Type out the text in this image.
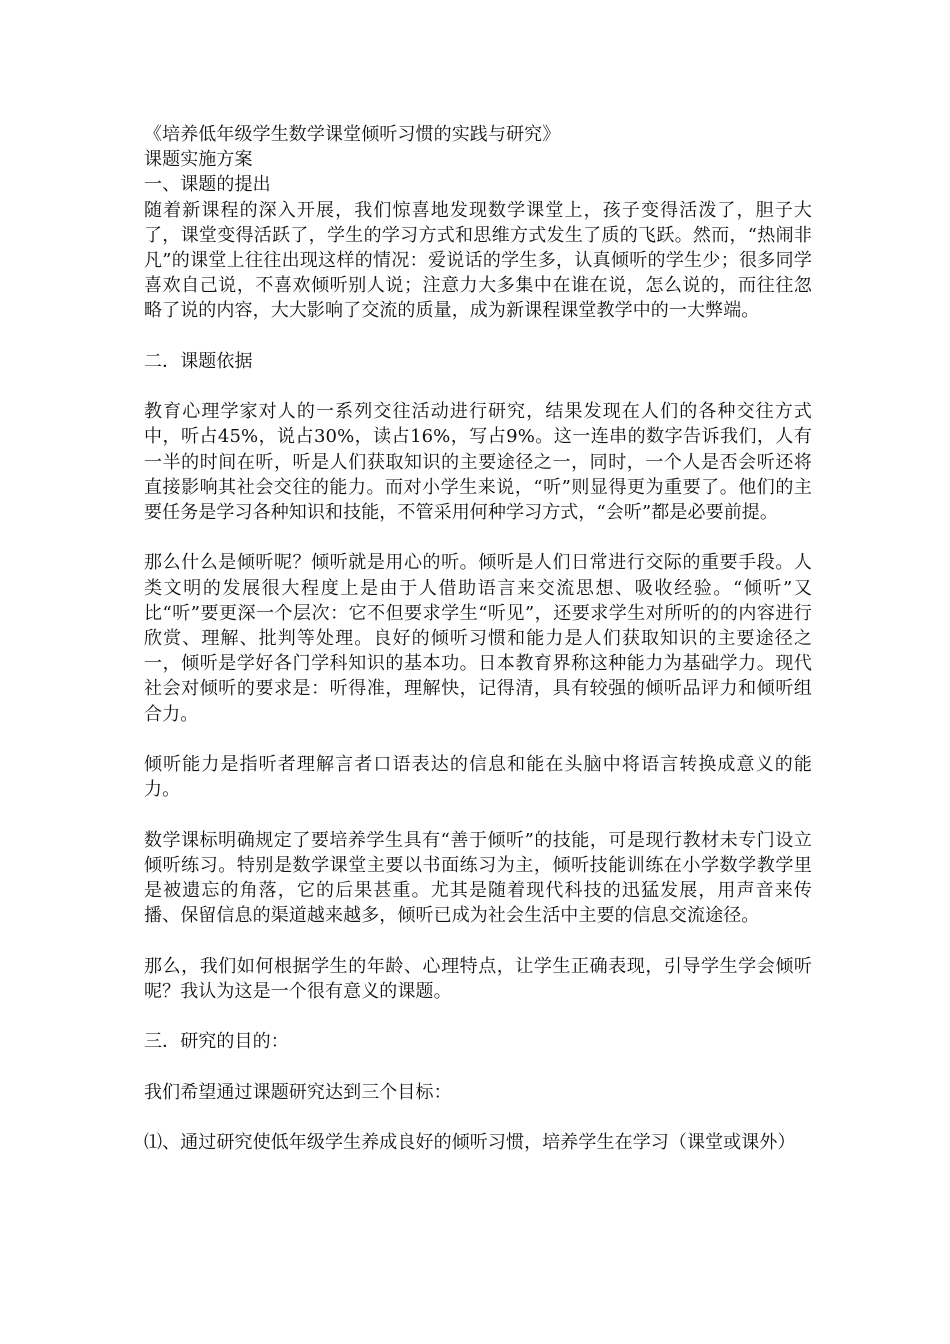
《培养低年级学生数学课堂倾听习惯的实践与研究》

课题实施方案

一、课题的提出

随着新课程的深入开展，我们惊喜地发现数学课堂上，孩子变得活泼了，胆子大了，课堂变得活跃了，学生的学习方式和思维方式发生了质的飞跃。然而，“热闹非凡”的课堂上往往出现这样的情况：爱说话的学生多，认真倾听的学生少；很多同学喜欢自己说，不喜欢倾听别人说；注意力大多集中在谁在说，怎么说的，而往往忽略了说的内容，大大影响了交流的质量，成为新课程课堂教学中的一大弊端。

二．课题依据

教育心理学家对人的一系列交往活动进行研究，结果发现在人们的各种交往方式中，听占45%，说占30%，读占16%，写占9%。这一连串的数字告诉我们，人有一半的时间在听，听是人们获取知识的主要途径之一，同时，一个人是否会听还将直接影响其社会交往的能力。而对小学生来说，“听”则显得更为重要了。他们的主要任务是学习各种知识和技能，不管采用何种学习方式，“会听”都是必要前提。

那么什么是倾听呢？倾听就是用心的听。倾听是人们日常进行交际的重要手段。人类文明的发展很大程度上是由于人借助语言来交流思想、吸收经验。“倾听”又比“听”要更深一个层次：它不但要求学生“听见”，还要求学生对所听的的内容进行欣赏、理解、批判等处理。良好的倾听习惯和能力是人们获取知识的主要途径之一，倾听是学好各门学科知识的基本功。日本教育界称这种能力为基础学力。现代社会对倾听的要求是：听得准，理解快，记得清，具有较强的倾听品评力和倾听组合力。

倾听能力是指听者理解言者口语表达的信息和能在头脑中将语言转换成意义的能力。

数学课标明确规定了要培养学生具有“善于倾听”的技能，可是现行教材未专门设立倾听练习。特别是数学课堂主要以书面练习为主，倾听技能训练在小学数学教学里是被遗忘的角落，它的后果甚重。尤其是随着现代科技的迅猛发展，用声音来传播、保留信息的渠道越来越多，倾听已成为社会生活中主要的信息交流途径。

那么，我们如何根据学生的年龄、心理特点，让学生正确表现，引导学生学会倾听呢？我认为这是一个很有意义的课题。

三．研究的目的：

我们希望通过课题研究达到三个目标：

⑴、通过研究使低年级学生养成良好的倾听习惯，培养学生在学习（课堂或课外）
